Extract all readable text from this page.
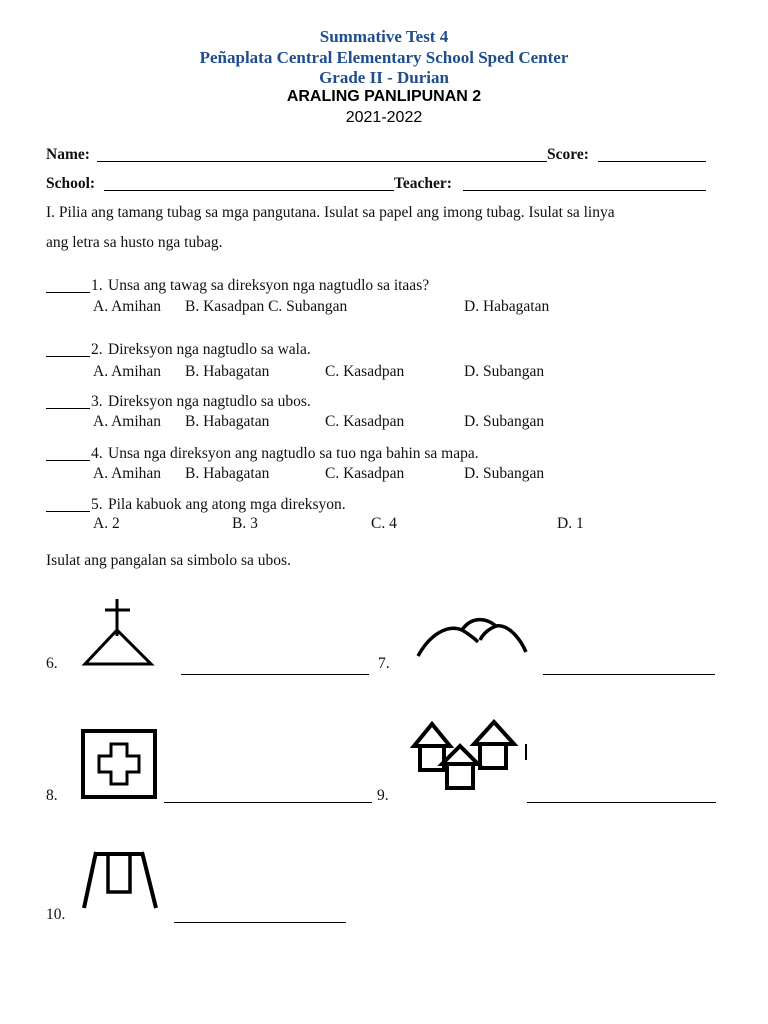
Summative Test 4
Peñaplata Central Elementary School Sped Center
Grade II - Durian
ARALING PANLIPUNAN 2
2021-2022
Name:	Score:
School:	Teacher:
I. Pilia ang tamang tubag sa mga pangutana. Isulat sa papel ang imong tubag. Isulat sa linya
ang letra sa husto nga tubag.
1. Unsa ang tawag sa direksyon nga nagtudlo sa itaas?
A. Amihan B. Kasadpan C. Subangan	D. Habagatan
2. Direksyon nga nagtudlo sa wala.
A. Amihan B. Habagatan	C. Kasadpan	D. Subangan
3. Direksyon nga nagtudlo sa ubos.
A. Amihan B. Habagatan	C. Kasadpan	D. Subangan
4. Unsa nga direksyon ang nagtudlo sa tuo nga bahin sa mapa.
A. Amihan B. Habagatan	C. Kasadpan	D. Subangan
5. Pila kabuok ang atong mga direksyon.
A. 2	B. 3	C. 4	D. 1
Isulat ang pangalan sa simbolo sa ubos.
6.	7.
8.	9.
10.
